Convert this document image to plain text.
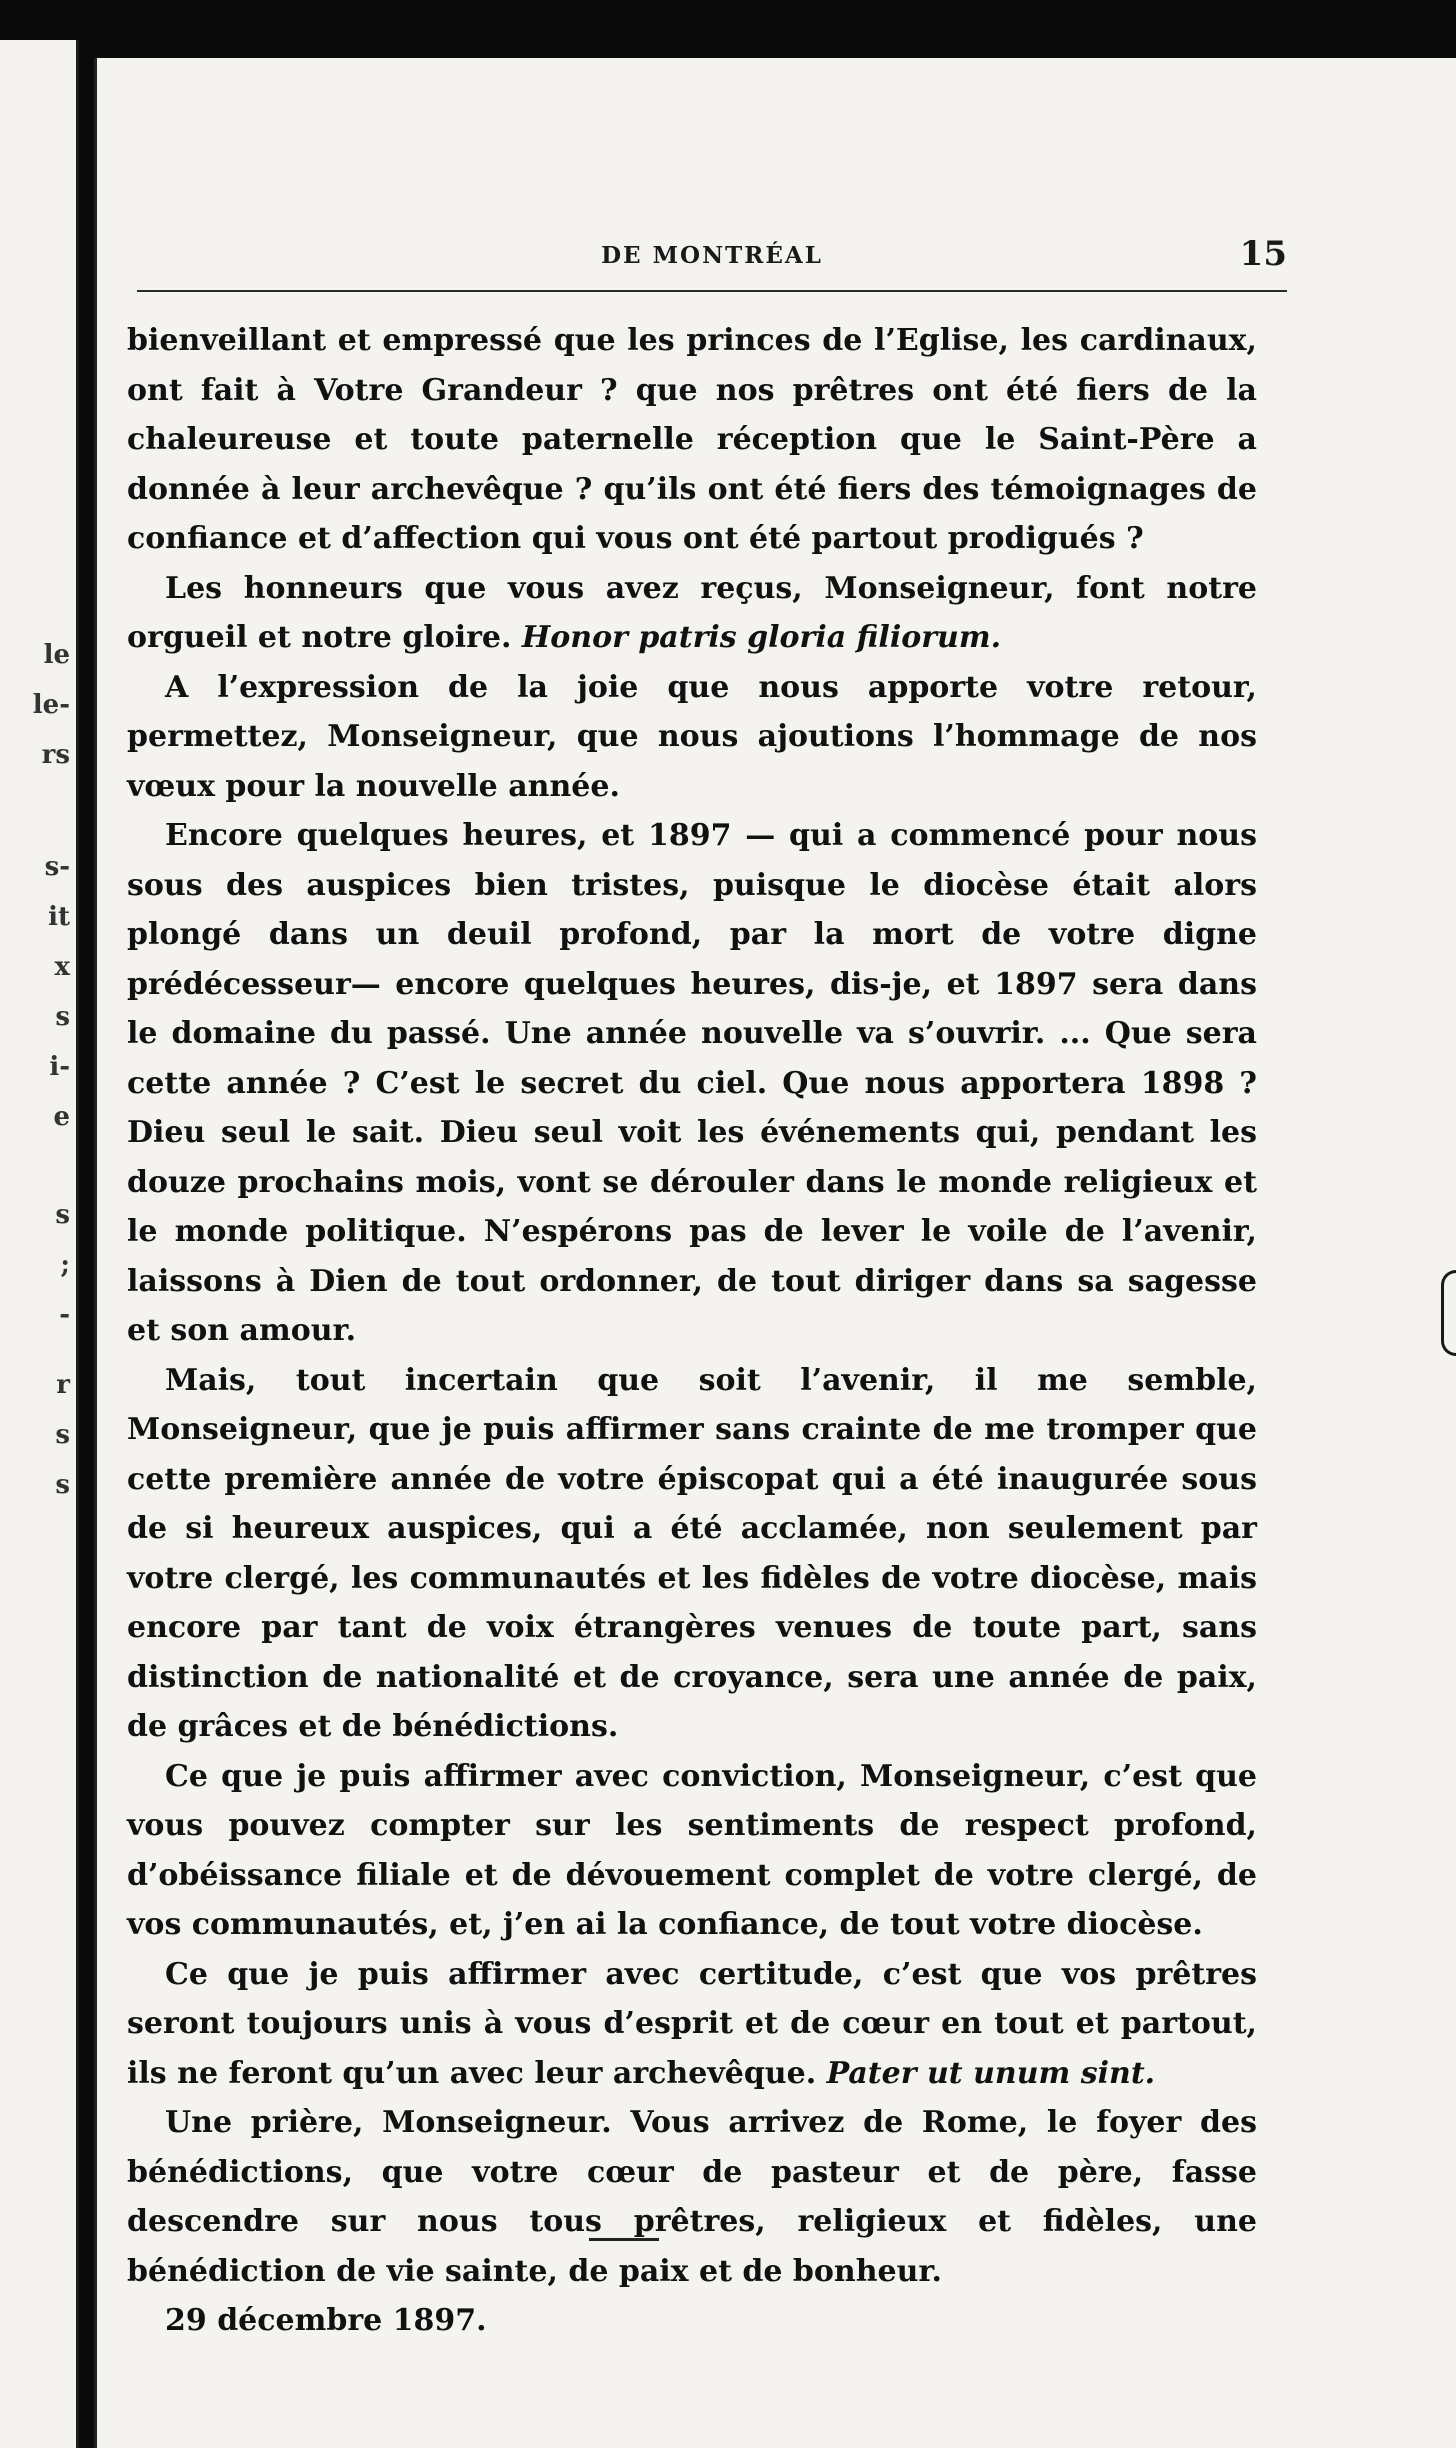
le
le-
rs
s-
it
x
s
i-
e
s
;
-
r
s
s
DE MONTRÉAL	15

bienveillant et empressé que les princes de l’Eglise, les cardinaux, ont fait à Votre Grandeur ? que nos prêtres ont été fiers de la chaleureuse et toute paternelle réception que le Saint-Père a donnée à leur archevêque ? qu’ils ont été fiers des témoignages de confiance et d’affection qui vous ont été partout prodigués ?

Les honneurs que vous avez reçus, Monseigneur, font notre orgueil et notre gloire. Honor patris gloria filiorum.

A l’expression de la joie que nous apporte votre retour, permettez, Monseigneur, que nous ajoutions l’hommage de nos vœux pour la nouvelle année.

Encore quelques heures, et 1897 — qui a commencé pour nous sous des auspices bien tristes, puisque le diocèse était alors plongé dans un deuil profond, par la mort de votre digne prédécesseur— encore quelques heures, dis-je, et 1897 sera dans le domaine du passé. Une année nouvelle va s’ouvrir. ... Que sera cette année ? C’est le secret du ciel. Que nous apportera 1898 ? Dieu seul le sait. Dieu seul voit les événements qui, pendant les douze prochains mois, vont se dérouler dans le monde religieux et le monde politique. N’espérons pas de lever le voile de l’avenir, laissons à Dien de tout ordonner, de tout diriger dans sa sagesse et son amour.

Mais, tout incertain que soit l’avenir, il me semble, Monseigneur, que je puis affirmer sans crainte de me tromper que cette première année de votre épiscopat qui a été inaugurée sous de si heureux auspices, qui a été acclamée, non seulement par votre clergé, les communautés et les fidèles de votre diocèse, mais encore par tant de voix étrangères venues de toute part, sans distinction de nationalité et de croyance, sera une année de paix, de grâces et de bénédictions.

Ce que je puis affirmer avec conviction, Monseigneur, c’est que vous pouvez compter sur les sentiments de respect profond, d’obéissance filiale et de dévouement complet de votre clergé, de vos communautés, et, j’en ai la confiance, de tout votre diocèse.

Ce que je puis affirmer avec certitude, c’est que vos prêtres seront toujours unis à vous d’esprit et de cœur en tout et partout, ils ne feront qu’un avec leur archevêque. Pater ut unum sint.

Une prière, Monseigneur. Vous arrivez de Rome, le foyer des bénédictions, que votre cœur de pasteur et de père, fasse descendre sur nous tous prêtres, religieux et fidèles, une bénédiction de vie sainte, de paix et de bonheur.

29 décembre 1897.
